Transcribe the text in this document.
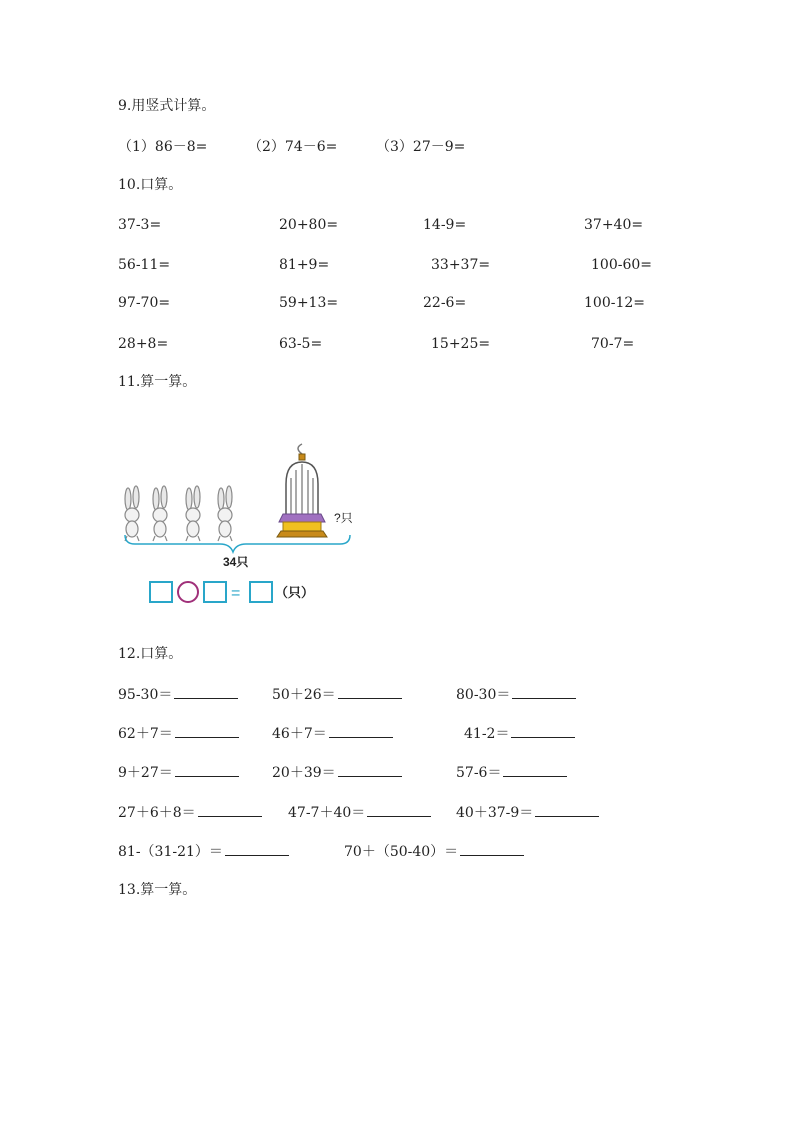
9.用竖式计算。
（1）86－8=	（2）74－6=	（3）27－9=
10.口算。
37-3=	20+80=	14-9=	37+40=
56-11=	81+9=	33+37=	100-60=
97-70=	59+13=	22-6=	100-12=
28+8=	63-5=	15+25=	70-7=
11.算一算。
?只
34只
=	（只）
12.口算。
95-30＝	50＋26＝	80-30＝
62＋7＝	46＋7＝	41-2＝
9＋27＝	20＋39＝	57-6＝
27＋6＋8＝	47-7＋40＝	40＋37-9＝
81-（31-21）＝	70＋（50-40）＝
13.算一算。
